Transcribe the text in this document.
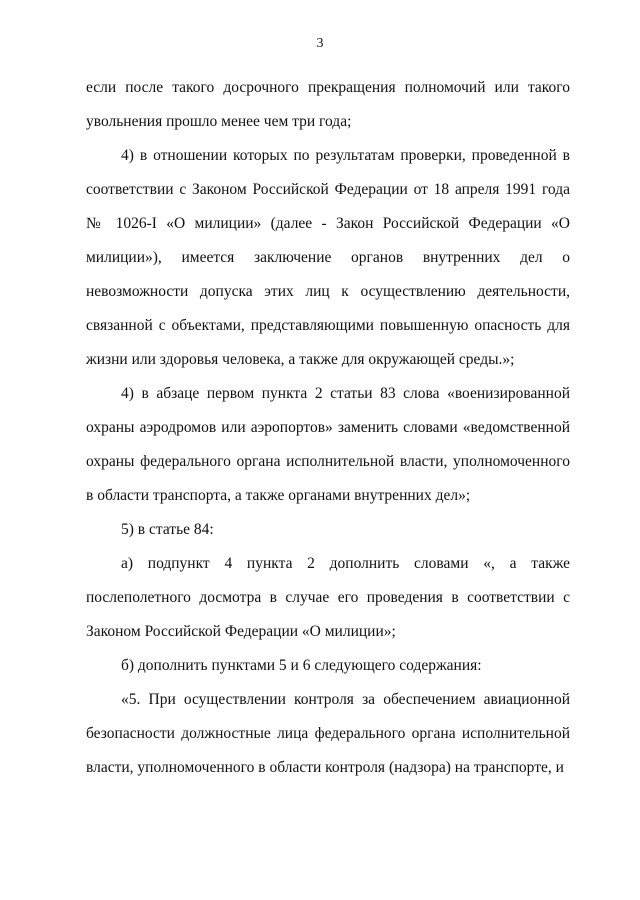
3

если после такого досрочного прекращения полномочий или такого увольнения прошло менее чем три года;

4) в отношении которых по результатам проверки, проведенной в соответствии с Законом Российской Федерации от 18 апреля 1991 года № 1026-I «О милиции» (далее - Закон Российской Федерации «О милиции»), имеется заключение органов внутренних дел о невозможности допуска этих лиц к осуществлению деятельности, связанной с объектами, представляющими повышенную опасность для жизни или здоровья человека, а также для окружающей среды.»;

4) в абзаце первом пункта 2 статьи 83 слова «военизированной охраны аэродромов или аэропортов» заменить словами «ведомственной охраны федерального органа исполнительной власти, уполномоченного в области транспорта, а также органами внутренних дел»;

5) в статье 84:

а) подпункт 4 пункта 2 дополнить словами «, а также послеполетного досмотра в случае его проведения в соответствии с Законом Российской Федерации «О милиции»;

б) дополнить пунктами 5 и 6 следующего содержания:

«5. При осуществлении контроля за обеспечением авиационной безопасности должностные лица федерального органа исполнительной власти, уполномоченного в области контроля (надзора) на транспорте, и
